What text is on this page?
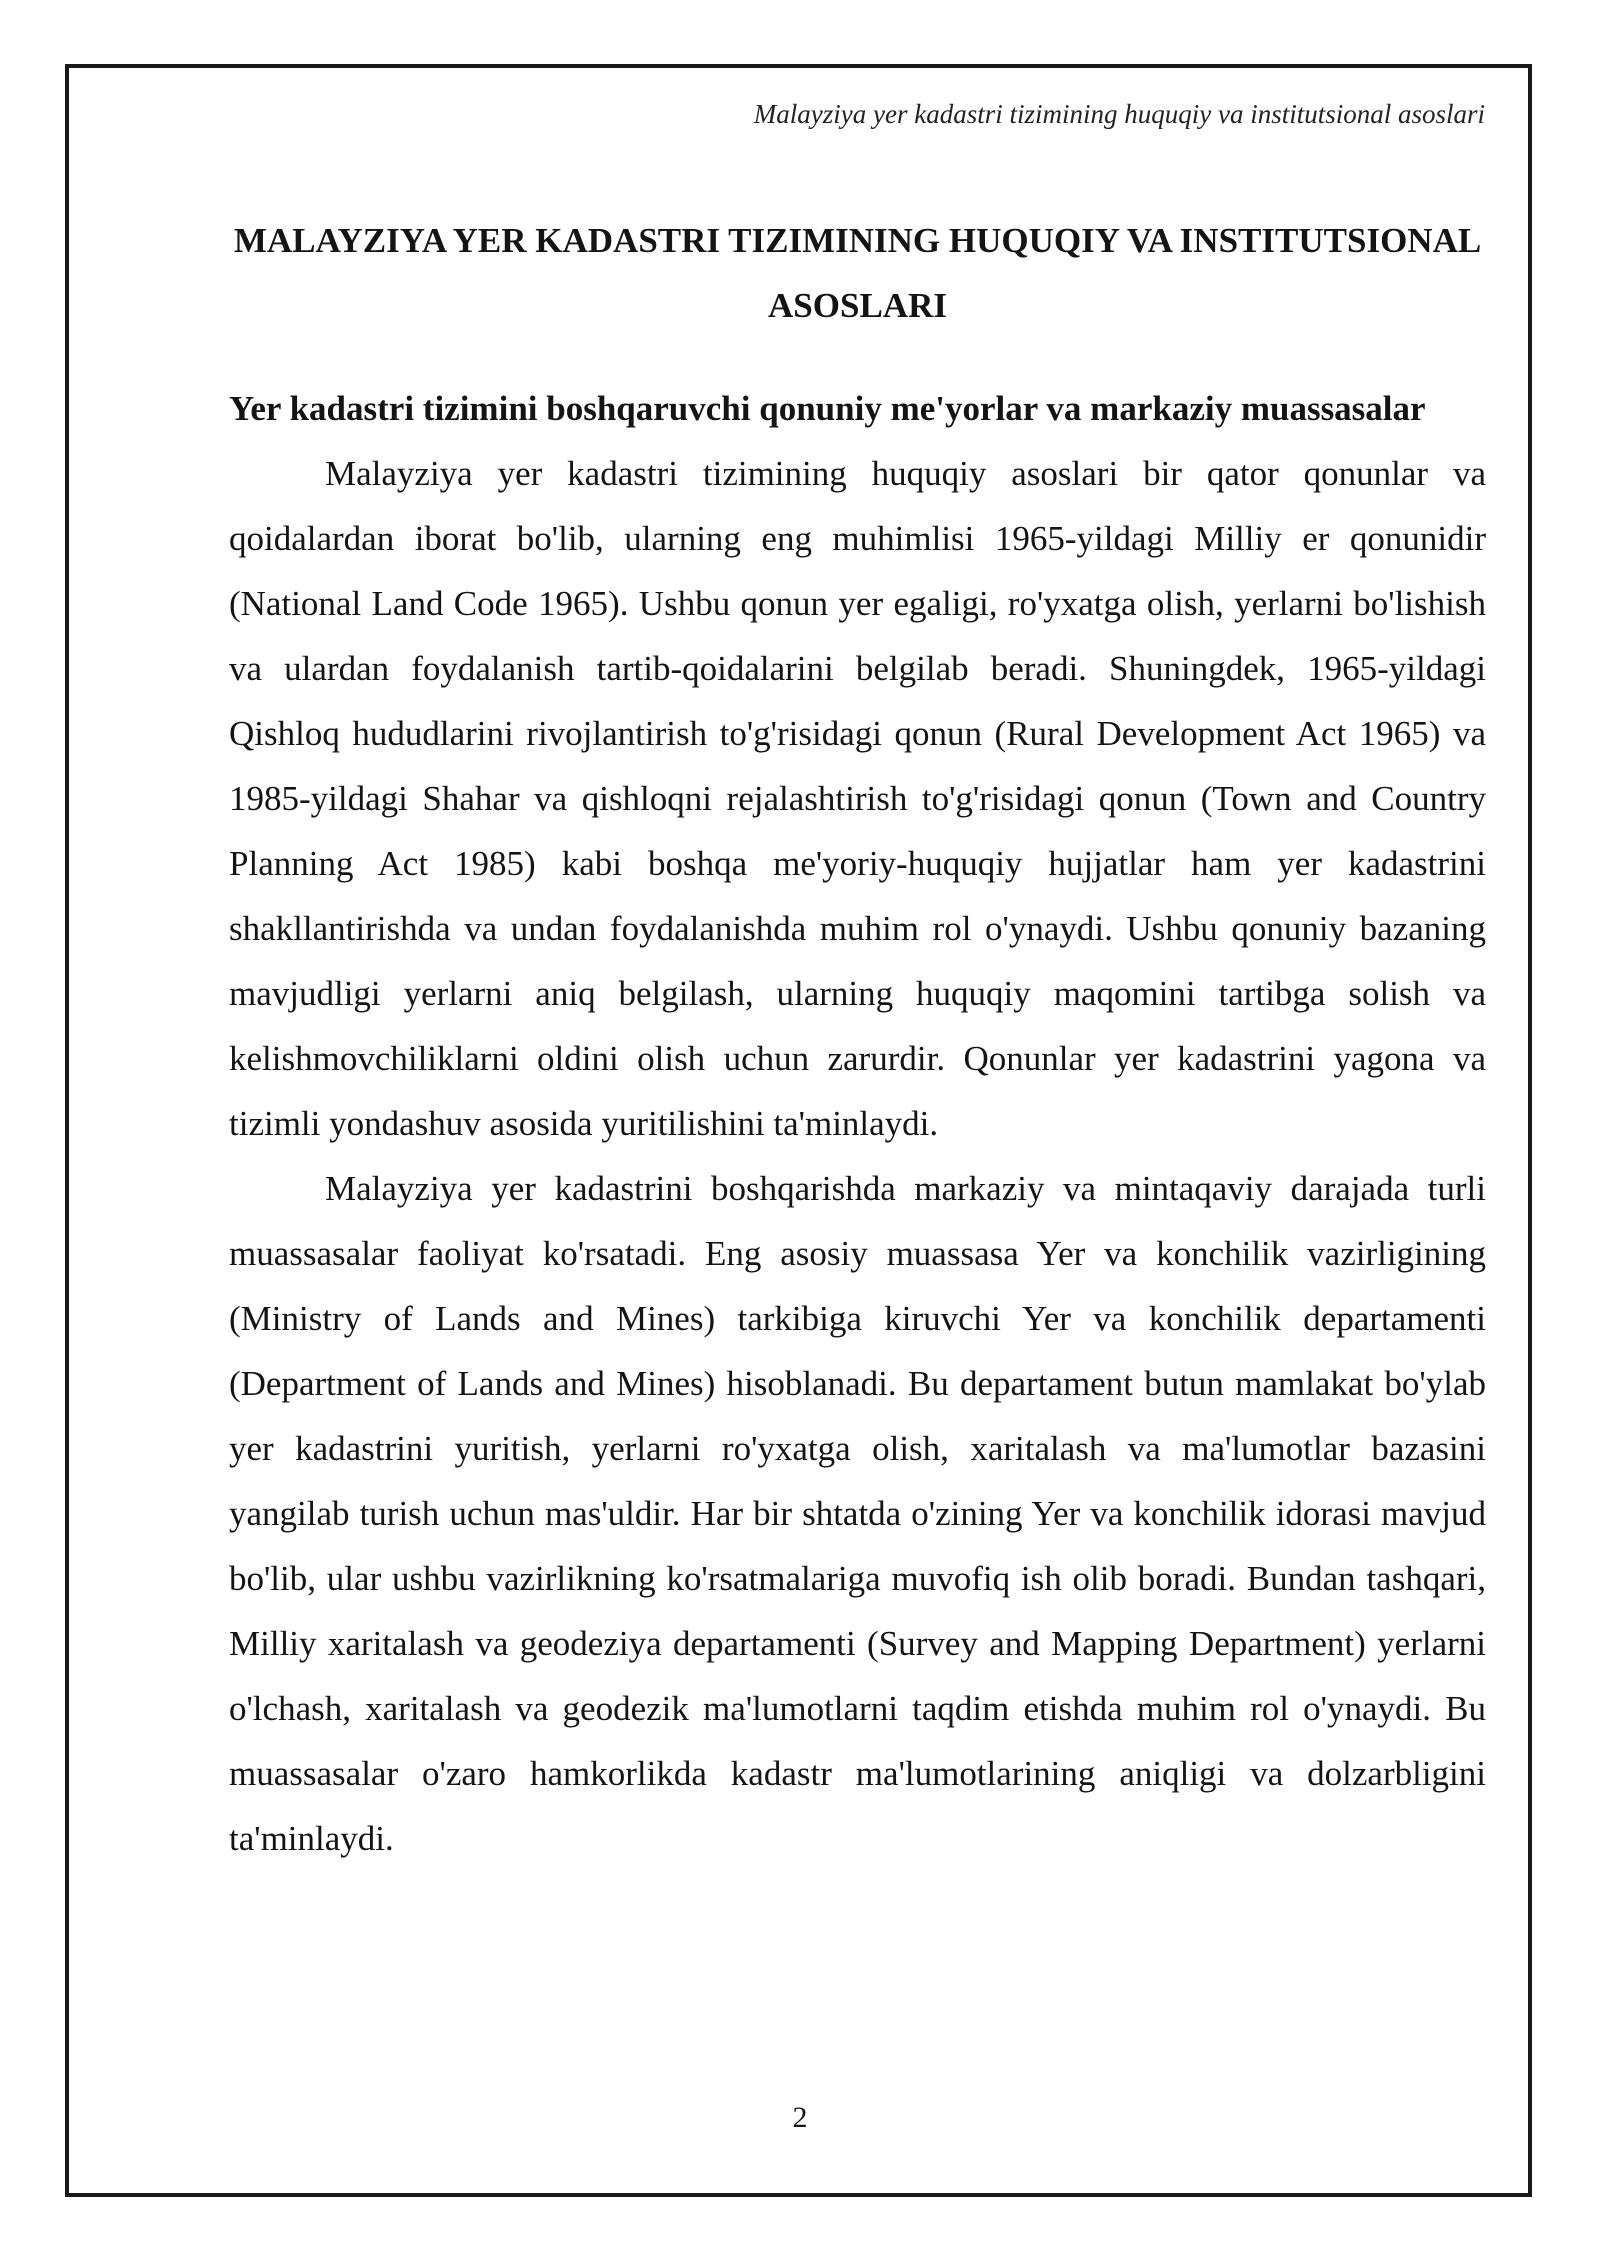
Malayziya yer kadastri tizimining huquqiy va institutsional asoslari
MALAYZIYA YER KADASTRI TIZIMINING HUQUQIY VA INSTITUTSIONAL ASOSLARI
Yer kadastri tizimini boshqaruvchi qonuniy me'yorlar va markaziy muassasalar

Malayziya yer kadastri tizimining huquqiy asoslari bir qator qonunlar va qoidalardan iborat bo'lib, ularning eng muhimlisi 1965-yildagi Milliy er qonunidir (National Land Code 1965). Ushbu qonun yer egaligi, ro'yxatga olish, yerlarni bo'lishish va ulardan foydalanish tartib-qoidalarini belgilab beradi. Shuningdek, 1965-yildagi Qishloq hududlarini rivojlantirish to'g'risidagi qonun (Rural Development Act 1965) va 1985-yildagi Shahar va qishloqni rejalashtirish to'g'risidagi qonun (Town and Country Planning Act 1985) kabi boshqa me'yoriy-huquqiy hujjatlar ham yer kadastrini shakllantirishda va undan foydalanishda muhim rol o'ynaydi. Ushbu qonuniy bazaning mavjudligi yerlarni aniq belgilash, ularning huquqiy maqomini tartibga solish va kelishmovchiliklarni oldini olish uchun zarurdir. Qonunlar yer kadastrini yagona va tizimli yondashuv asosida yuritilishini ta'minlaydi.

Malayziya yer kadastrini boshqarishda markaziy va mintaqaviy darajada turli muassasalar faoliyat ko'rsatadi. Eng asosiy muassasa Yer va konchilik vazirligining (Ministry of Lands and Mines) tarkibiga kiruvchi Yer va konchilik departamenti (Department of Lands and Mines) hisoblanadi. Bu departament butun mamlakat bo'ylab yer kadastrini yuritish, yerlarni ro'yxatga olish, xaritalash va ma'lumotlar bazasini yangilab turish uchun mas'uldir. Har bir shtatda o'zining Yer va konchilik idorasi mavjud bo'lib, ular ushbu vazirlikning ko'rsatmalariga muvofiq ish olib boradi. Bundan tashqari, Milliy xaritalash va geodeziya departamenti (Survey and Mapping Department) yerlarni o'lchash, xaritalash va geodezik ma'lumotlarni taqdim etishda muhim rol o'ynaydi. Bu muassasalar o'zaro hamkorlikda kadastr ma'lumotlarining aniqligi va dolzarbligini ta'minlaydi.

2
